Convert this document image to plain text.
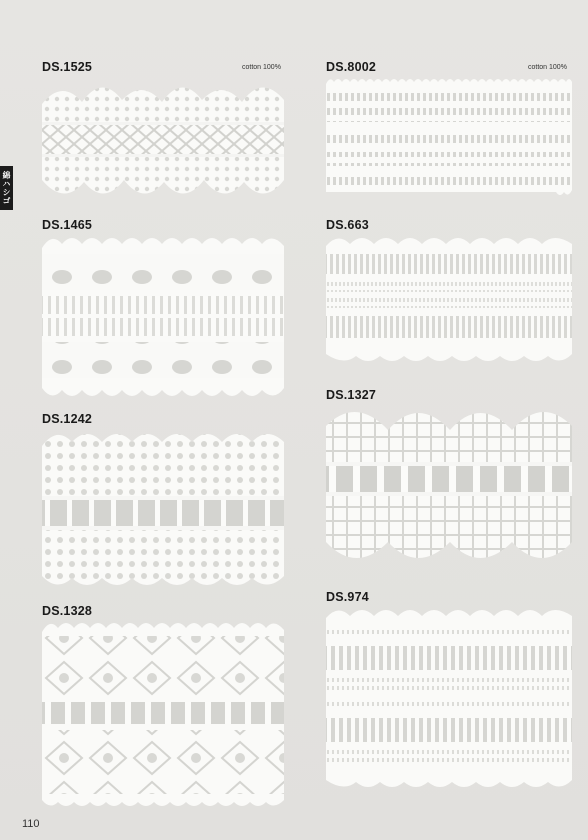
綿ハシゴ
DS.1525	cotton 100%
DS.1465
DS.1242
DS.1328
DS.8002	cotton 100%
DS.663
DS.1327
DS.974
110
